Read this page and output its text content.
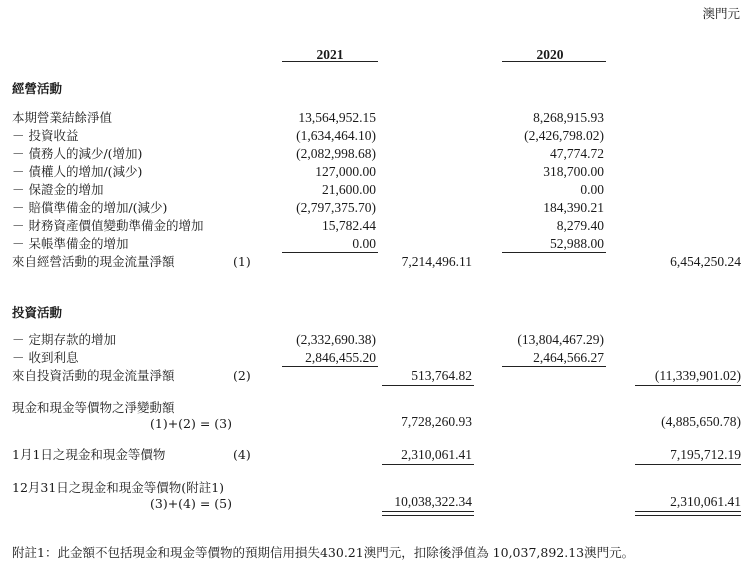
澳門元
2021	2020
經營活動
本期營業結餘淨值	13,564,952.15	8,268,915.93
－ 投資收益	(1,634,464.10)	(2,426,798.02)
－ 債務人的減少/(增加)	(2,082,998.68)	47,774.72
－ 債權人的增加/(減少)	127,000.00	318,700.00
－ 保證金的增加	21,600.00	0.00
－ 賠償準備金的增加/(減少)	(2,797,375.70)	184,390.21
－ 財務資產價值變動準備金的增加	15,782.44	8,279.40
－ 呆帳準備金的增加	0.00	52,988.00
來自經營活動的現金流量淨額	(1)	7,214,496.11	6,454,250.24
投資活動
－ 定期存款的增加	(2,332,690.38)	(13,804,467.29)
－ 收到利息	2,846,455.20	2,464,566.27
來自投資活動的現金流量淨額	(2)	513,764.82	(11,339,901.02)
現金和現金等價物之淨變動額
(1)+(2) = (3)	7,728,260.93	(4,885,650.78)
1月1日之現金和現金等價物	(4)	2,310,061.41	7,195,712.19
12月31日之現金和現金等價物(附註1)
(3)+(4) = (5)	10,038,322.34	2,310,061.41
附註1：此金額不包括現金和現金等價物的預期信用損失430.21澳門元，扣除後淨值為 10,037,892.13澳門元。
